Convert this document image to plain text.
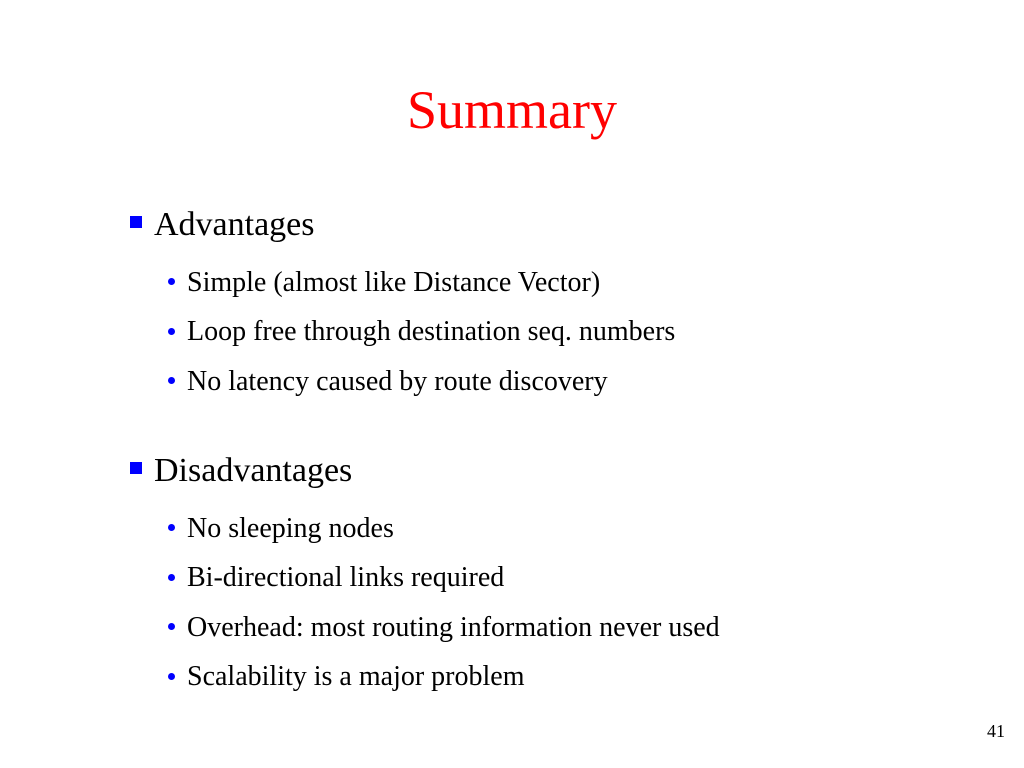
Summary
Advantages
Simple (almost like Distance Vector)
Loop free through destination seq. numbers
No latency caused by route discovery
Disadvantages
No sleeping nodes
Bi-directional links required
Overhead: most routing information never used
Scalability is a major problem
41
